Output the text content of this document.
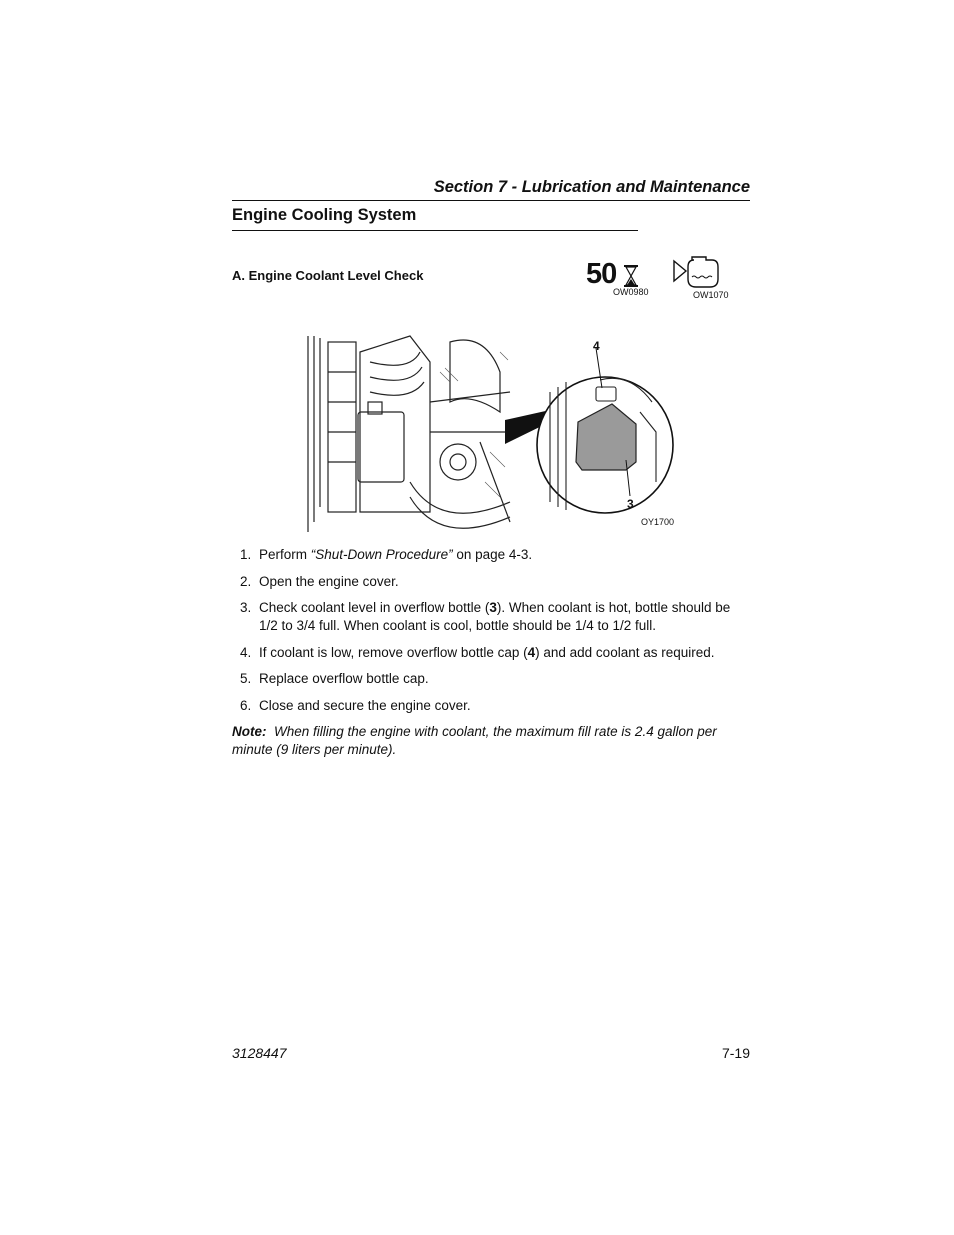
Section 7 - Lubrication and Maintenance
Engine Cooling System
A. Engine Coolant Level Check	50
OW0980	OW1070
4
3
OY1700
1. Perform “Shut-Down Procedure” on page 4-3.
2. Open the engine cover.
3. Check coolant level in overflow bottle (3). When coolant is hot, bottle should be 1/2 to 3/4 full. When coolant is cool, bottle should be 1/4 to 1/2 full.
4. If coolant is low, remove overflow bottle cap (4) and add coolant as required.
5. Replace overflow bottle cap.
6. Close and secure the engine cover.
Note: When filling the engine with coolant, the maximum fill rate is 2.4 gallon per minute (9 liters per minute).
3128447	7-19
